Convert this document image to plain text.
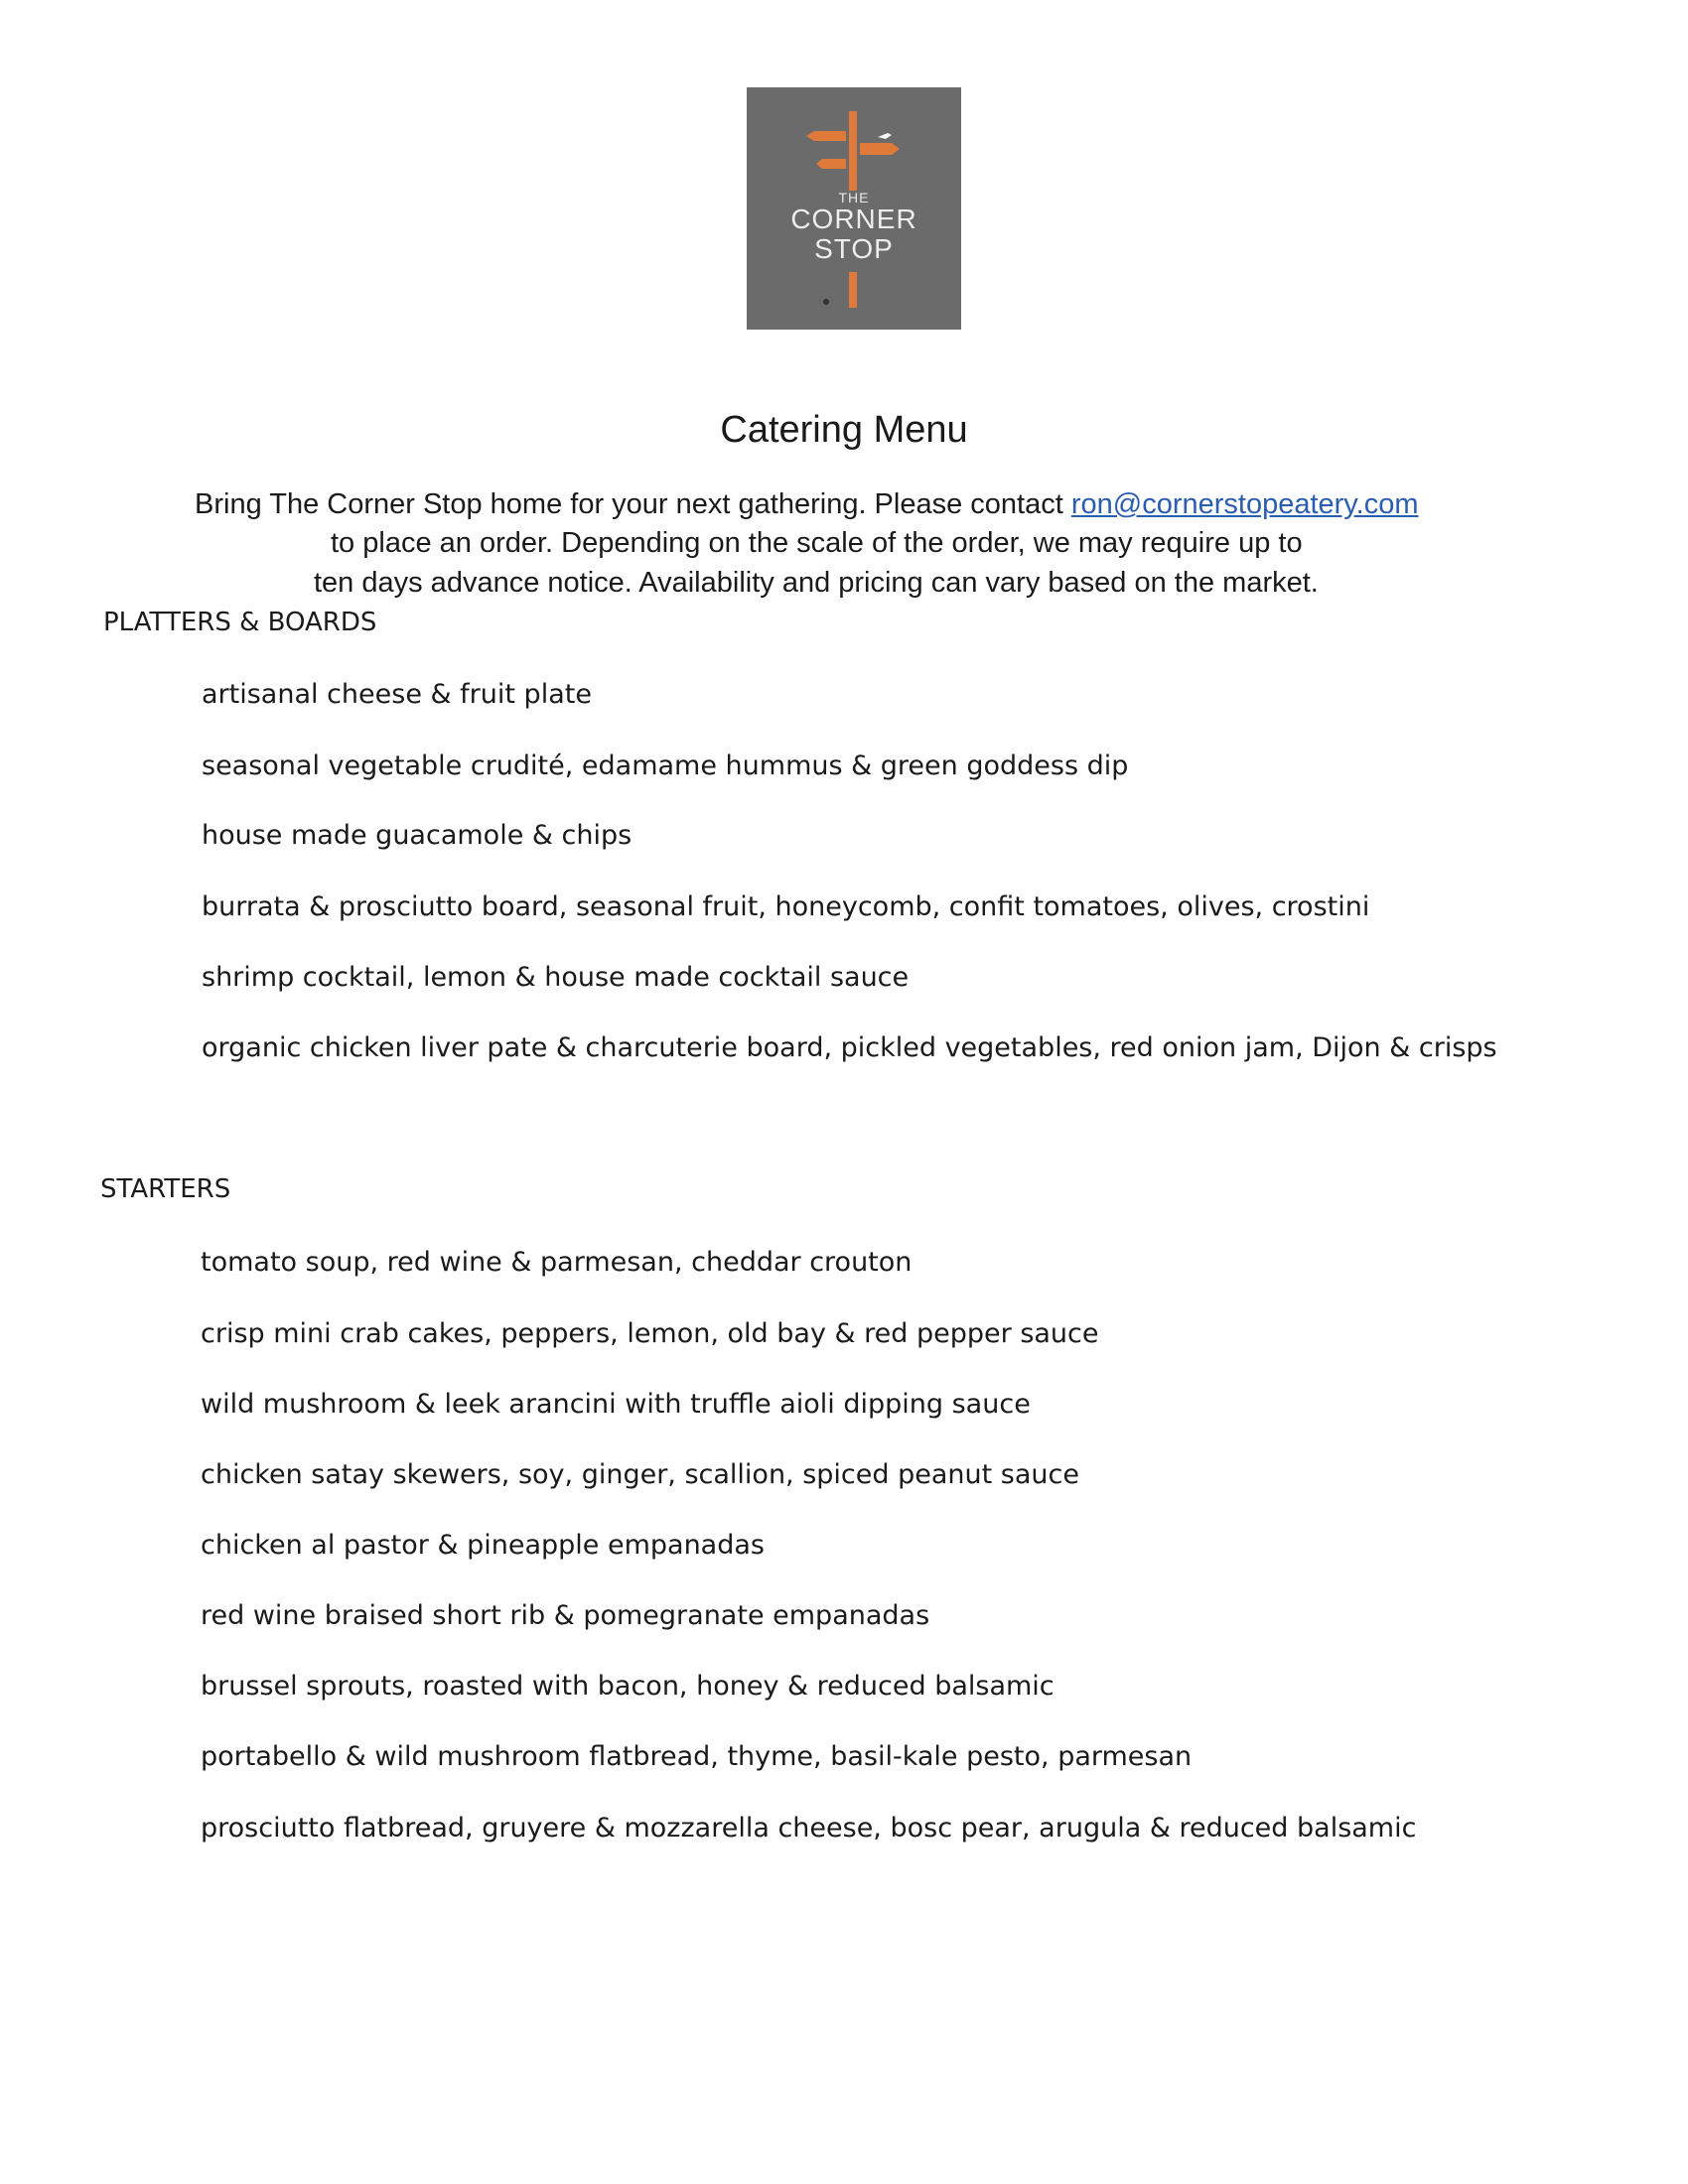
THE
CORNER
STOP
Catering Menu
Bring The Corner Stop home for your next gathering. Please contact ron@cornerstopeatery.com
to place an order. Depending on the scale of the order, we may require up to
ten days advance notice. Availability and pricing can vary based on the market.
PLATTERS & BOARDS
artisanal cheese & fruit plate
seasonal vegetable crudité, edamame hummus & green goddess dip
house made guacamole & chips
burrata & prosciutto board, seasonal fruit, honeycomb, confit tomatoes, olives, crostini
shrimp cocktail, lemon & house made cocktail sauce
organic chicken liver pate & charcuterie board, pickled vegetables, red onion jam, Dijon & crisps
STARTERS
tomato soup, red wine & parmesan, cheddar crouton
crisp mini crab cakes, peppers, lemon, old bay & red pepper sauce
wild mushroom & leek arancini with truffle aioli dipping sauce
chicken satay skewers, soy, ginger, scallion, spiced peanut sauce
chicken al pastor & pineapple empanadas
red wine braised short rib & pomegranate empanadas
brussel sprouts, roasted with bacon, honey & reduced balsamic
portabello & wild mushroom flatbread, thyme, basil-kale pesto, parmesan
prosciutto flatbread, gruyere & mozzarella cheese, bosc pear, arugula & reduced balsamic
